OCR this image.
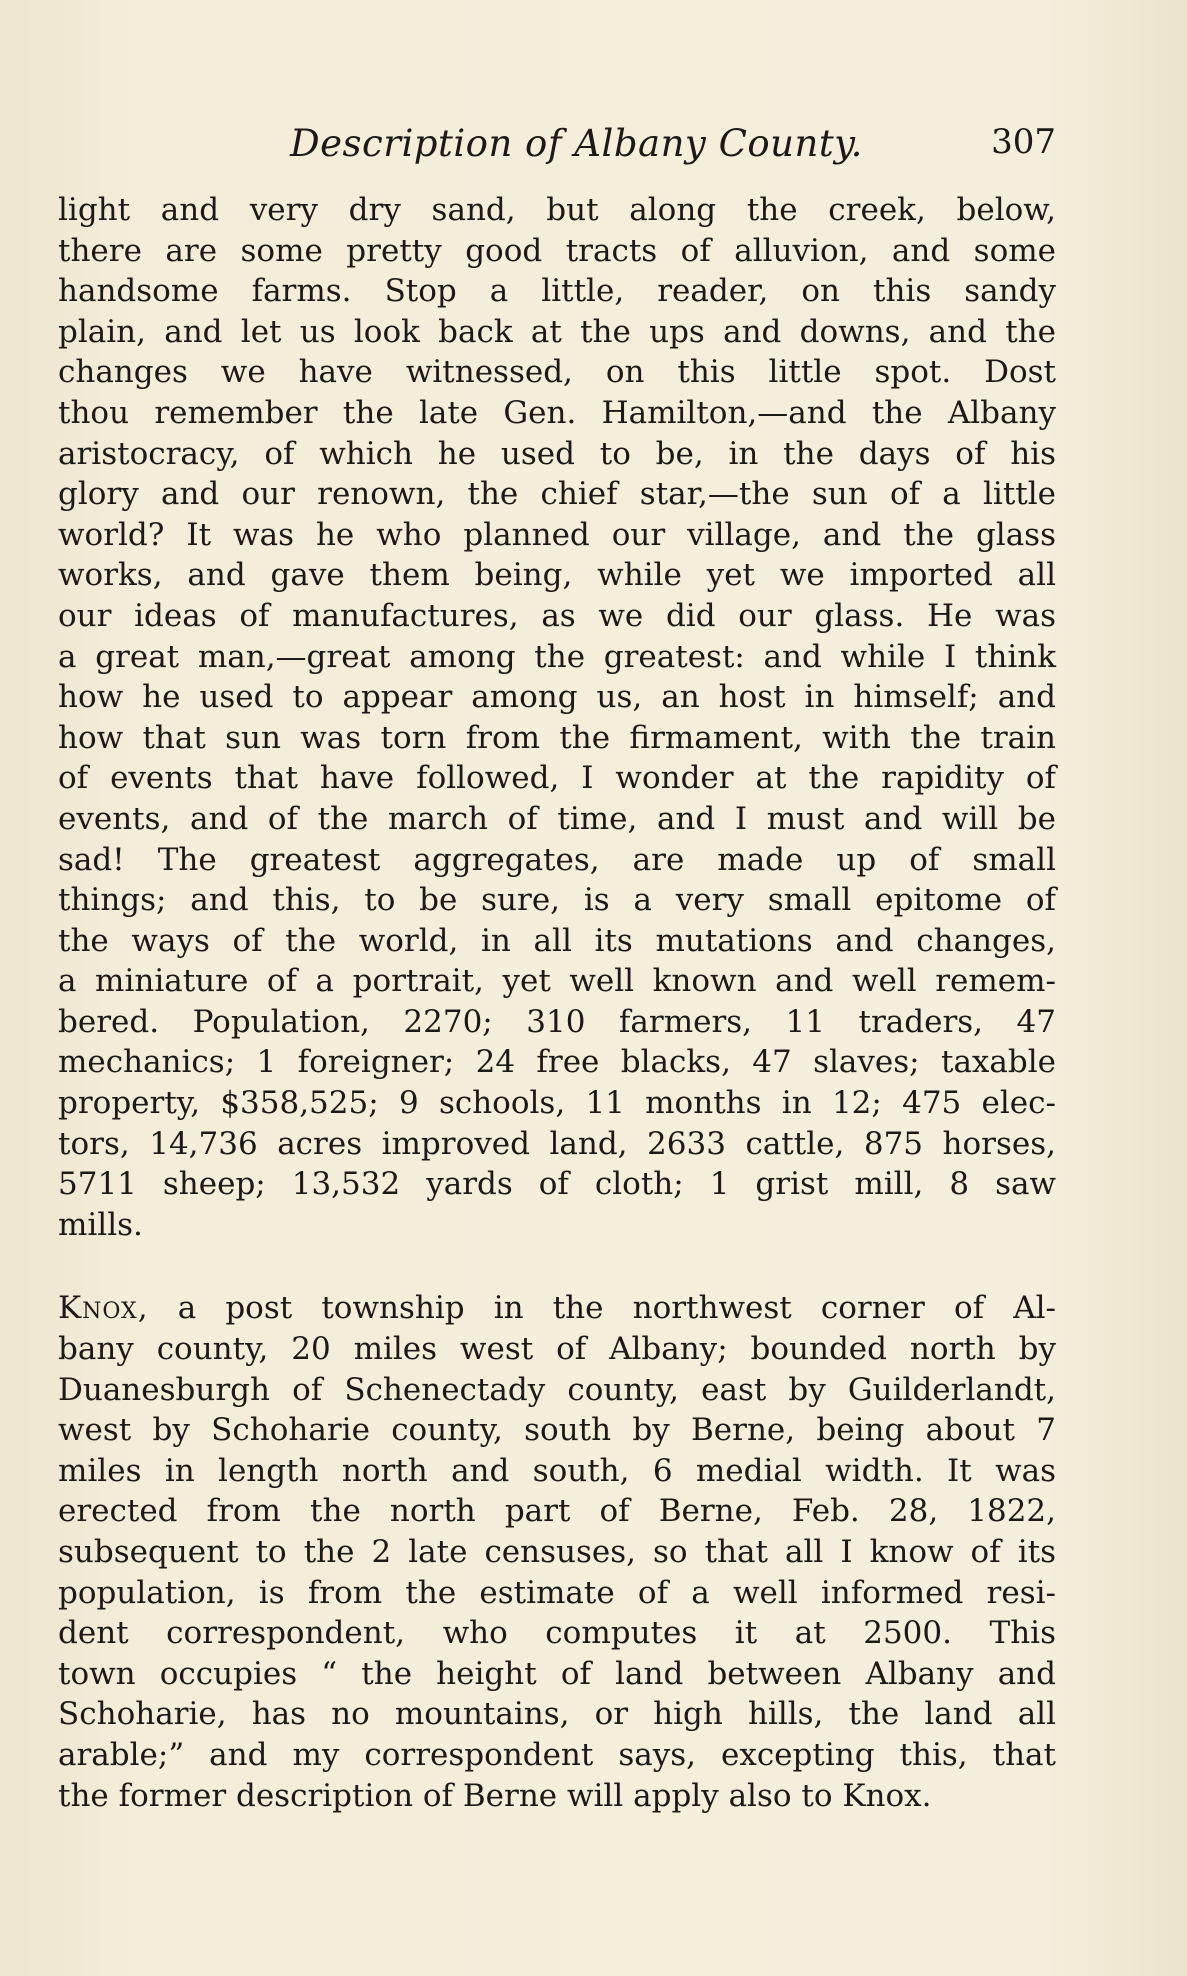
Description of Albany County.	307
light and very dry sand, but along the creek, below,
there are some pretty good tracts of alluvion, and some
handsome farms. Stop a little, reader, on this sandy
plain, and let us look back at the ups and downs, and the
changes we have witnessed, on this little spot. Dost
thou remember the late Gen. Hamilton,—and the Albany
aristocracy, of which he used to be, in the days of his
glory and our renown, the chief star,—the sun of a little
world? It was he who planned our village, and the glass
works, and gave them being, while yet we imported all
our ideas of manufactures, as we did our glass. He was
a great man,—great among the greatest: and while I think
how he used to appear among us, an host in himself; and
how that sun was torn from the firmament, with the train
of events that have followed, I wonder at the rapidity of
events, and of the march of time, and I must and will be
sad! The greatest aggregates, are made up of small
things; and this, to be sure, is a very small epitome of
the ways of the world, in all its mutations and changes,
a miniature of a portrait, yet well known and well remem-
bered. Population, 2270; 310 farmers, 11 traders, 47
mechanics; 1 foreigner; 24 free blacks, 47 slaves; taxable
property, $358,525; 9 schools, 11 months in 12; 475 elec-
tors, 14,736 acres improved land, 2633 cattle, 875 horses,
5711 sheep; 13,532 yards of cloth; 1 grist mill, 8 saw
mills.
Knox, a post township in the northwest corner of Al-
bany county, 20 miles west of Albany; bounded north by
Duanesburgh of Schenectady county, east by Guilderlandt,
west by Schoharie county, south by Berne, being about 7
miles in length north and south, 6 medial width. It was
erected from the north part of Berne, Feb. 28, 1822,
subsequent to the 2 late censuses, so that all I know of its
population, is from the estimate of a well informed resi-
dent correspondent, who computes it at 2500. This
town occupies “ the height of land between Albany and
Schoharie, has no mountains, or high hills, the land all
arable;” and my correspondent says, excepting this, that
the former description of Berne will apply also to Knox.
